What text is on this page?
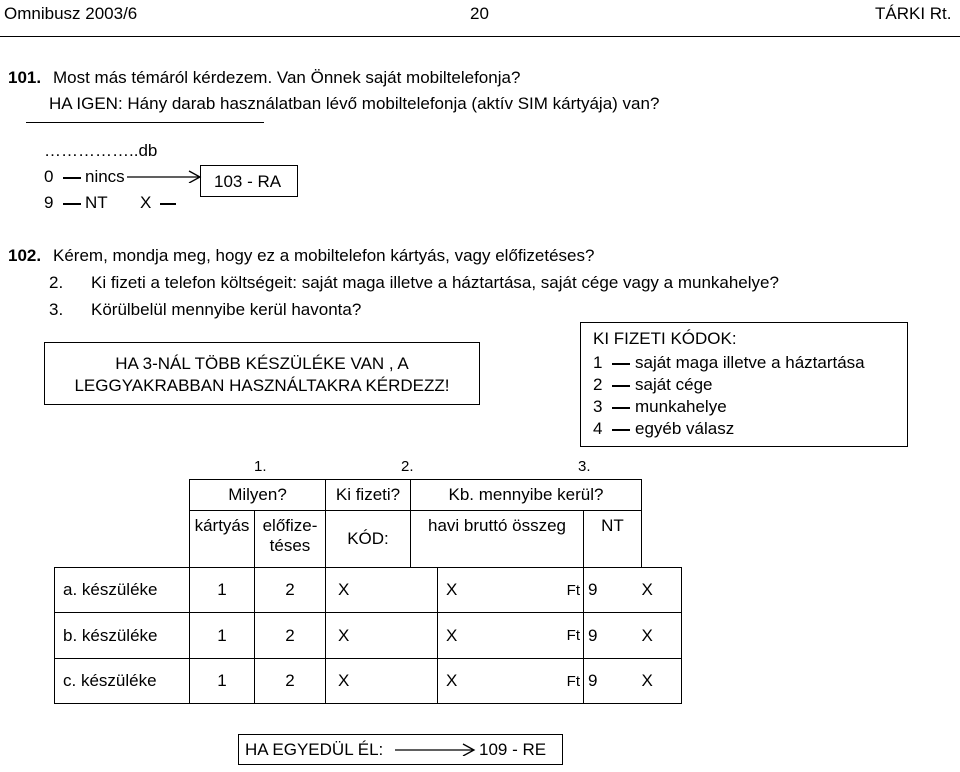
Omnibusz 2003/6	20	TÁRKI Rt.
101. Most más témáról kérdezem. Van Önnek saját mobiltelefonja?
HA IGEN: Hány darab használatban lévő mobiltelefonja (aktív SIM kártyája) van?
……………..db
0 nincs	103 - RA
9 NT X
102. Kérem, mondja meg, hogy ez a mobiltelefon kártyás, vagy előfizetéses?
2. Ki fizeti a telefon költségeit: saját maga illetve a háztartása, saját cége vagy a munkahelye?
3. Körülbelül mennyibe kerül havonta?
HA 3-NÁL TÖBB KÉSZÜLÉKE VAN , A
LEGGYAKRABBAN HASZNÁLTAKRA KÉRDEZZ!
KI FIZETI KÓDOK:
1 saját maga illetve a háztartása
2 saját cége
3 munkahelye
4 egyéb válasz
1.	2.	3.
	Milyen?		Ki fizeti?	Kb. mennyibe kerül?				
	kártyás	előfize-
téses	KÓD:	havi bruttó összeg			NT	
a. készüléke	1	2	X		X	Ft	9	X
b. készüléke	1	2	X		X	Ft	9	X
c. készüléke	1	2	X		X	Ft	9	X
HA EGYEDÜL ÉL:	109 - RE
